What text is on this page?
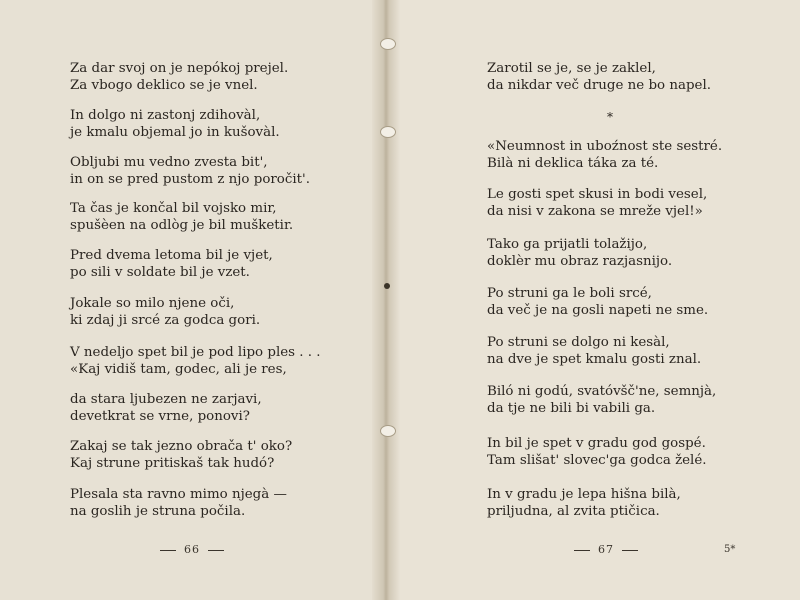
Za dar svoj on je nepókoj prejel.
Za vbogo deklico se je vnel.
In dolgo ni zastonj zdihovàl,
je kmalu objemal jo in kušovàl.
Obljubi mu vedno zvesta bit',
in on se pred pustom z njo poročit'.
Ta čas je končal bil vojsko mir,
spušèen na odlòg je bil mušketir.
Pred dvema letoma bil je vjet,
po sili v soldate bil je vzet.
Jokale so milo njene oči,
ki zdaj ji srcé za godca gori.
V nedeljo spet bil je pod lipo ples . . .
«Kaj vidiš tam, godec, ali je res,
da stara ljubezen ne zarjavi,
devetkrat se vrne, ponovi?
Zakaj se tak jezno obrača t' oko?
Kaj strune pritiskaš tak hudó?
Plesala sta ravno mimo njegà —
na goslih je struna počila.
66
Zarotil se je, se je zaklel,
da nikdar več druge ne bo napel.
*
«Neumnost in uboźnost ste sestré.
Bilà ni deklica táka za té.
Le gosti spet skusi in bodi vesel,
da nisi v zakona se mreže vjel!»
Tako ga prijatli tolažijo,
doklèr mu obraz razjasnijo.
Po struni ga le boli srcé,
da več je na gosli napeti ne sme.
Po struni se dolgo ni kesàl,
na dve je spet kmalu gosti znal.
Biló ni godú, svatóvšč'ne, semnjà,
da tje ne bili bi vabili ga.
In bil je spet v gradu god gospé.
Tam slišat' slovec'ga godca želé.
In v gradu je lepa hišna bilà,
priljudna, al zvita ptičica.
67	5*
